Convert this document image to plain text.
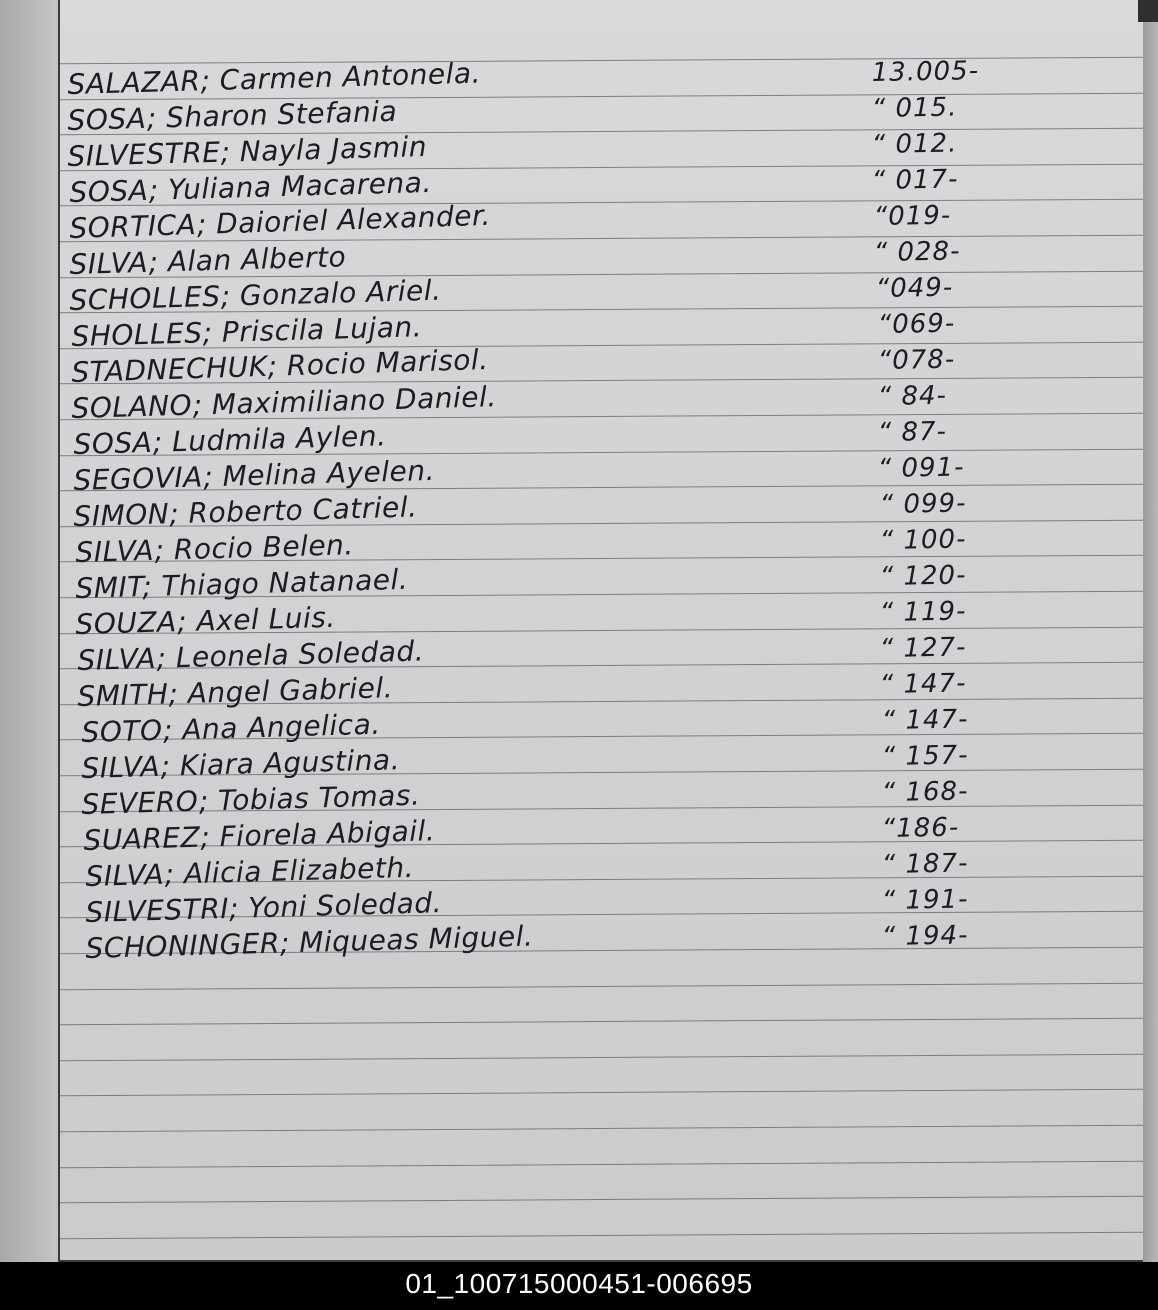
SALAZAR; Carmen Antonela.	13.005-
SOSA; Sharon Stefania	“ 015.
SILVESTRE; Nayla Jasmin	“ 012.
SOSA; Yuliana Macarena.	“ 017-
SORTICA; Daioriel Alexander.	“019-
SILVA; Alan Alberto	“ 028-
SCHOLLES; Gonzalo Ariel.	“049-
SHOLLES; Priscila Lujan.	“069-
STADNECHUK; Rocio Marisol.	“078-
SOLANO; Maximiliano Daniel.	“ 84-
SOSA; Ludmila Aylen.	“ 87-
SEGOVIA; Melina Ayelen.	“ 091-
SIMON; Roberto Catriel.	“ 099-
SILVA; Rocio Belen.	“ 100-
SMIT; Thiago Natanael.	“ 120-
SOUZA; Axel Luis.	“ 119-
SILVA; Leonela Soledad.	“ 127-
SMITH; Angel Gabriel.	“ 147-
SOTO; Ana Angelica.	“ 147-
SILVA; Kiara Agustina.	“ 157-
SEVERO; Tobias Tomas.	“ 168-
SUAREZ; Fiorela Abigail.	“186-
SILVA; Alicia Elizabeth.	“ 187-
SILVESTRI; Yoni Soledad.	“ 191-
SCHONINGER; Miqueas Miguel.	“ 194-
01_100715000451-006695
